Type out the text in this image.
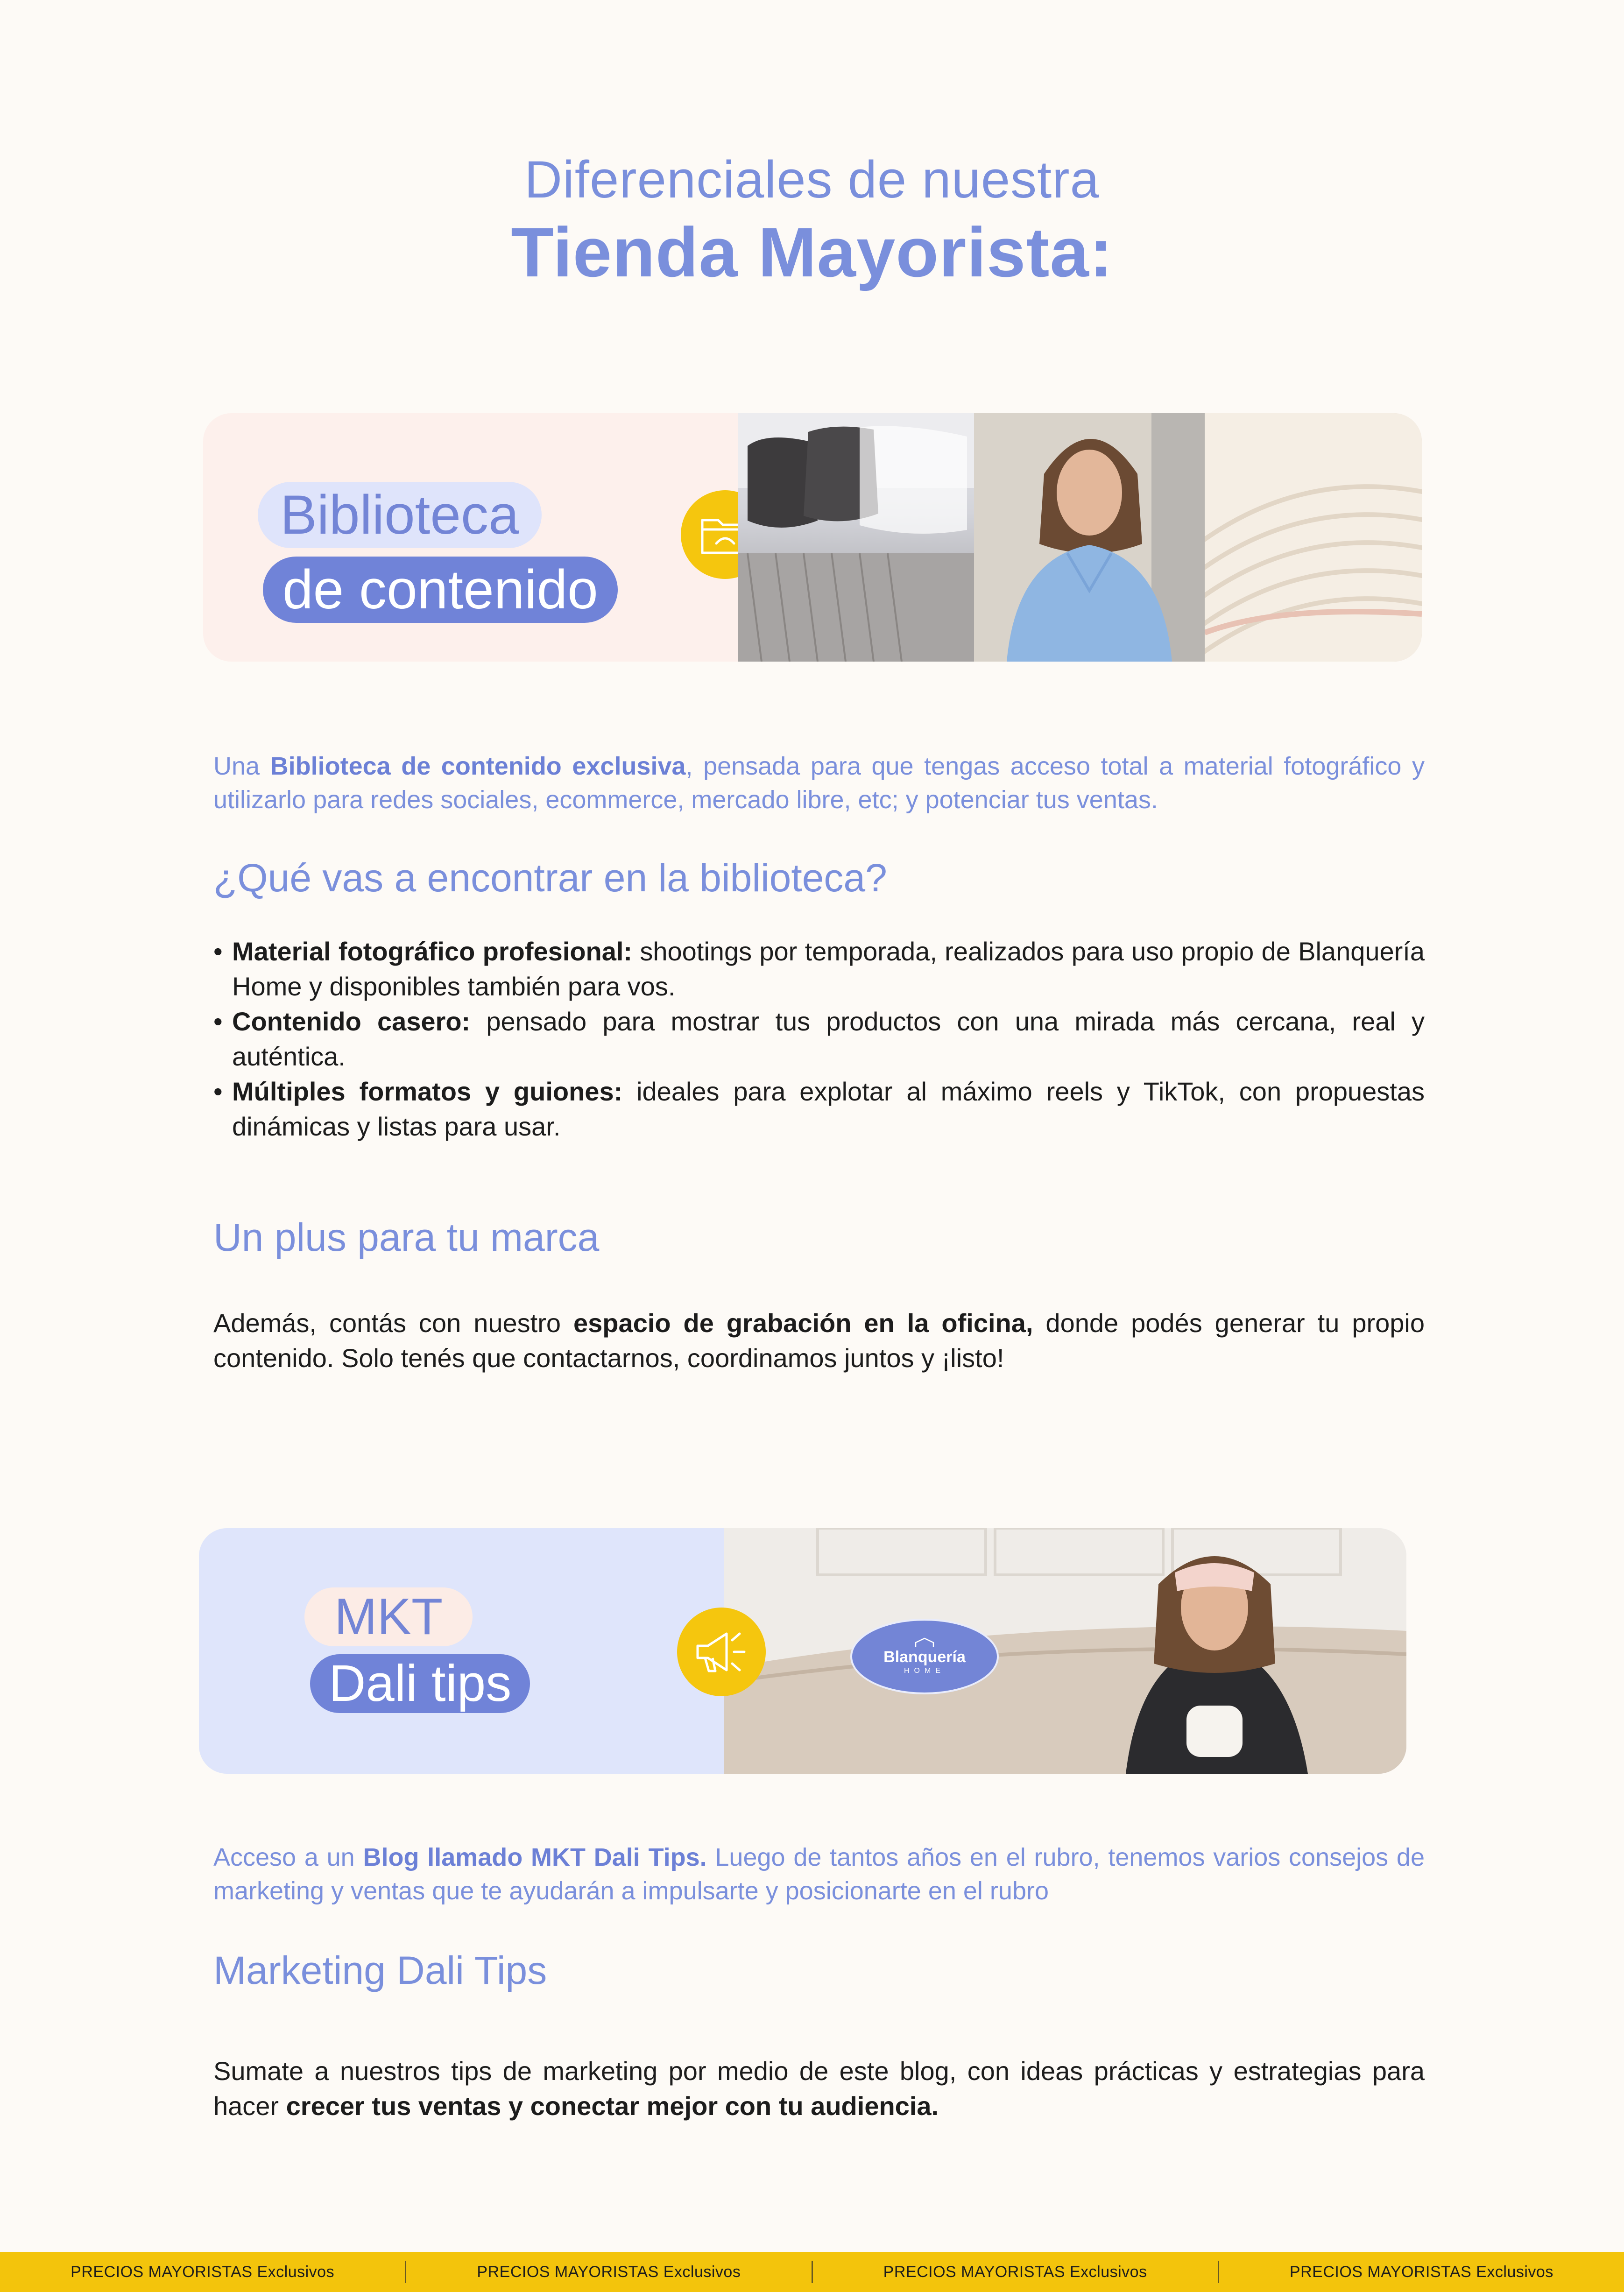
Diferenciales de nuestra
Tienda Mayorista:
Biblioteca
de contenido

Una Biblioteca de contenido exclusiva, pensada para que tengas acceso total a material fotográfico y utilizarlo para redes sociales, ecommerce, mercado libre, etc; y potenciar tus ventas.

¿Qué vas a encontrar en la biblioteca?
• Material fotográfico profesional: shootings por temporada, realizados para uso propio de Blanquería Home y disponibles también para vos.
• Contenido casero: pensado para mostrar tus productos con una mirada más cercana, real y auténtica.
• Múltiples formatos y guiones: ideales para explotar al máximo reels y TikTok, con propuestas dinámicas y listas para usar.
Un plus para tu marca

Además, contás con nuestro espacio de grabación en la oficina, donde podés generar tu propio contenido. Solo tenés que contactarnos, coordinamos juntos y ¡listo!

MKT
Dali tips	Blanquería
HOME

Acceso a un Blog llamado MKT Dali Tips. Luego de tantos años en el rubro, tenemos varios consejos de marketing y ventas que te ayudarán a impulsarte y posicionarte en el rubro

Marketing Dali Tips

Sumate a nuestros tips de marketing por medio de este blog, con ideas prácticas y estrategias para hacer crecer tus ventas y conectar mejor con tu audiencia.

PRECIOS MAYORISTAS Exclusivos	PRECIOS MAYORISTAS Exclusivos	PRECIOS MAYORISTAS Exclusivos	PRECIOS MAYORISTAS Exclusivos
